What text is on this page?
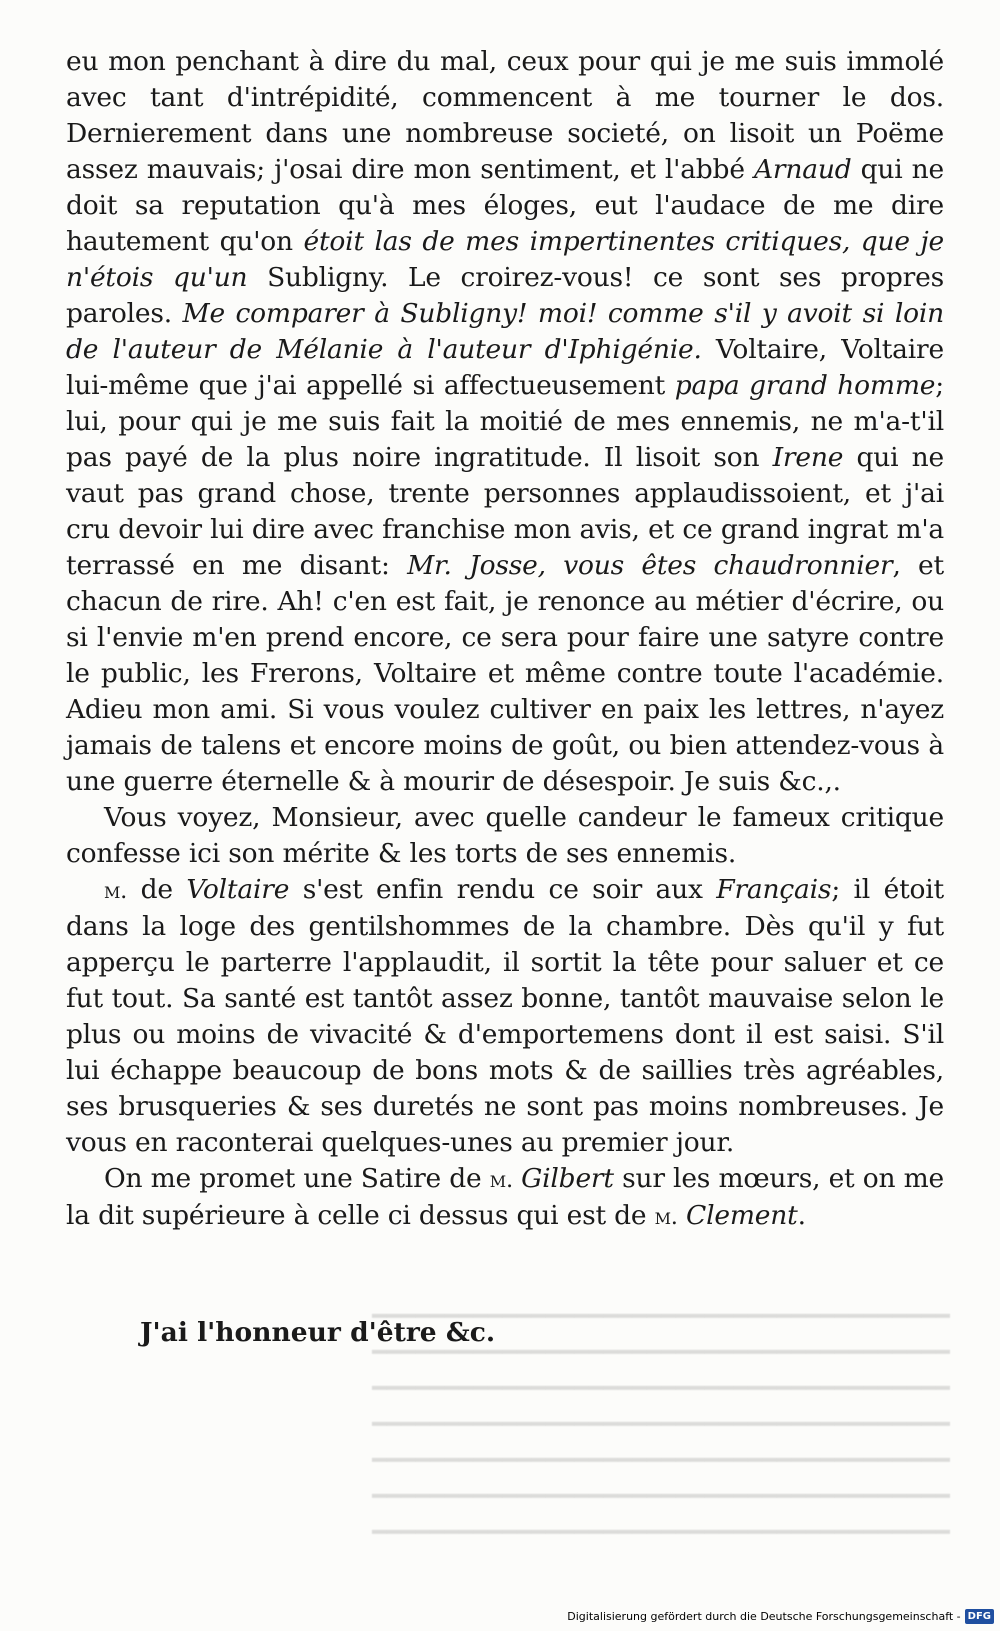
━━━━━━━━━━━━━━━━━━━━━━━━━━━━━━━━━━━━━━━━
━━━━━━━━━━━━━━━━━━━━━━━━━━━━━━━━━━━━━━━━
━━━━━━━━━━━━━━━━━━━━━━━━━━━━━━━━━━━━━━━━
━━━━━━━━━━━━━━━━━━━━━━━━━━━━━━━━━━━━━━━━
━━━━━━━━━━━━━━━━━━━━━━━━━━━━━━━━━━━━━━━━
━━━━━━━━━━━━━━━━━━━━━━━━━━━━━━━━━━━━━━━━
━━━━━━━━━━━━━━━━━━━━━━━━━━━━━━━━━━━━━━━━

eu mon penchant à dire du mal, ceux pour qui je me suis immolé avec tant d'intrépidité, commencent à me tourner le dos. Dernierement dans une nombreuse societé, on lisoit un Poëme assez mauvais; j'osai dire mon sentiment, et l'abbé Arnaud qui ne doit sa reputation qu'à mes éloges, eut l'audace de me dire hautement qu'on étoit las de mes impertinentes critiques, que je n'étois qu'un Subligny. Le croirez-vous! ce sont ses propres paroles. Me comparer à Subligny! moi! comme s'il y avoit si loin de l'auteur de Mélanie à l'auteur d'Iphigénie. Voltaire, Voltaire lui-même que j'ai appellé si affectueusement papa grand homme; lui, pour qui je me suis fait la moitié de mes ennemis, ne m'a-t'il pas payé de la plus noire ingratitude. Il lisoit son Irene qui ne vaut pas grand chose, trente personnes applaudissoient, et j'ai cru devoir lui dire avec franchise mon avis, et ce grand ingrat m'a terrassé en me disant: Mr. Josse, vous êtes chaudronnier, et chacun de rire. Ah! c'en est fait, je renonce au métier d'écrire, ou si l'envie m'en prend encore, ce sera pour faire une satyre contre le public, les Frerons, Voltaire et même contre toute l'académie. Adieu mon ami. Si vous voulez cultiver en paix les lettres, n'ayez jamais de talens et encore moins de goût, ou bien attendez-vous à une guerre éternelle & à mourir de désespoir. Je suis &c.,.

Vous voyez, Monsieur, avec quelle candeur le fameux critique confesse ici son mérite & les torts de ses ennemis.

m. de Voltaire s'est enfin rendu ce soir aux Français; il étoit dans la loge des gentilshommes de la chambre. Dès qu'il y fut apperçu le parterre l'applaudit, il sortit la tête pour saluer et ce fut tout. Sa santé est tantôt assez bonne, tantôt mauvaise selon le plus ou moins de vivacité & d'emportemens dont il est saisi. S'il lui échappe beaucoup de bons mots & de saillies très agréables, ses brusqueries & ses duretés ne sont pas moins nombreuses. Je vous en raconterai quelques-unes au premier jour.

On me promet une Satire de m. Gilbert sur les mœurs, et on me la dit supérieure à celle ci dessus qui est de m. Clement.

J'ai l'honneur d'être &c.
Digitalisierung gefördert durch die Deutsche Forschungsgemeinschaft - DFG
